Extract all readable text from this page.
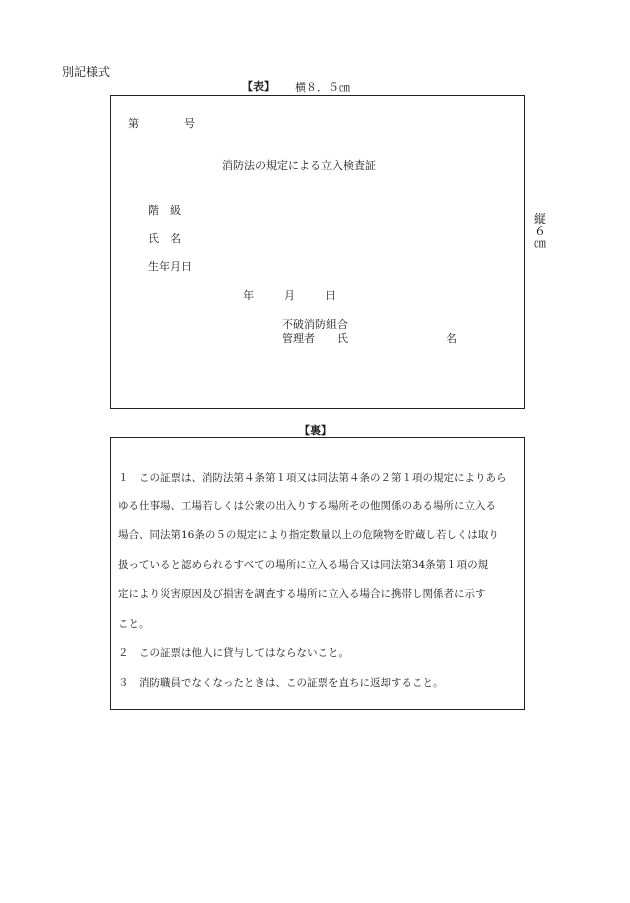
別記様式
【表】 横８．５㎝
第	号
消防法の規定による立入検査証
階　級
氏　名
生年月日
年	月	日
不破消防組合
管理者　　氏	名
縦
６
㎝
【裏】
１　この証票は、消防法第４条第１項又は同法第４条の２第１項の規定によりあら
ゆる仕事場、工場若しくは公衆の出入りする場所その他関係のある場所に立入る
場合、同法第16条の５の規定により指定数量以上の危険物を貯蔵し若しくは取り
扱っていると認められるすべての場所に立入る場合又は同法第34条第１項の規
定により災害原因及び損害を調査する場所に立入る場合に携帯し関係者に示す
こと。
２　この証票は他人に貸与してはならないこと。
３　消防職員でなくなったときは、この証票を直ちに返却すること。
